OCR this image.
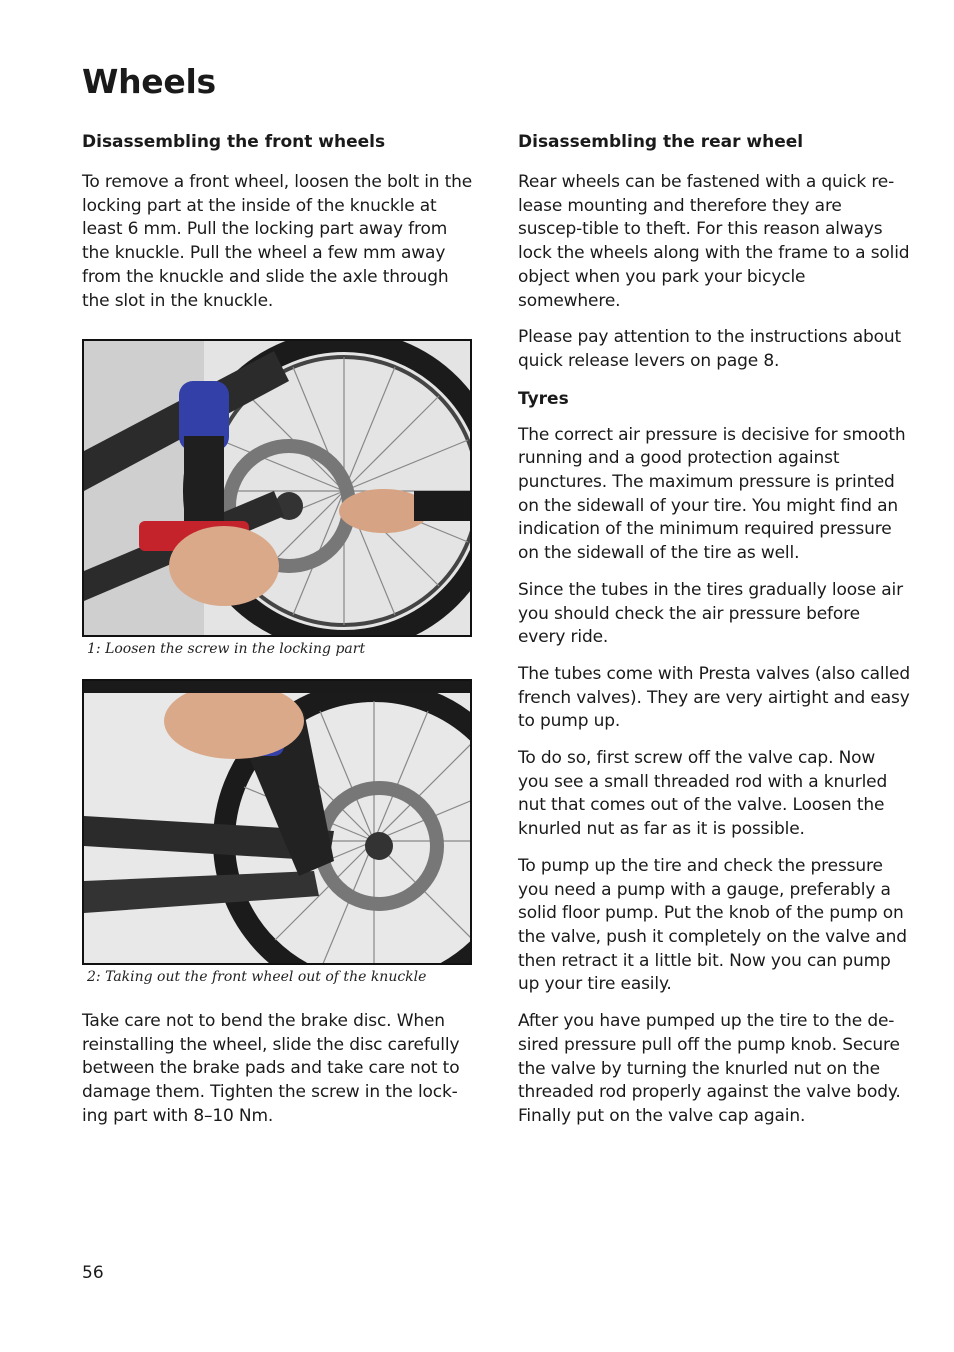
Wheels
Disassembling the front wheels

To remove a front wheel, loosen the bolt in the locking part at the inside of the knuckle at least 6 mm. Pull the locking part away from the knuckle. Pull the wheel a few mm away from the knuckle and slide the axle through the slot in the knuckle.

1: Loosen the screw in the locking part
2: Taking out the front wheel out of the knuckle

Take care not to bend the brake disc. When reinstalling the wheel, slide the disc carefully between the brake pads and take care not to damage them. Tighten the screw in the lock-ing part with 8–10 Nm.

Disassembling the rear wheel

Rear wheels can be fastened with a quick re-lease mounting and therefore they are suscep-tible to theft. For this reason always lock the wheels along with the frame to a solid object when you park your bicycle somewhere.

Please pay attention to the instructions about quick release levers on page 8.

Tyres

The correct air pressure is decisive for smooth running and a good protection against punctures. The maximum pressure is printed on the sidewall of your tire. You might find an indication of the minimum required pressure on the sidewall of the tire as well.

Since the tubes in the tires gradually loose air you should check the air pressure before every ride.

The tubes come with Presta valves (also called french valves). They are very airtight and easy to pump up.

To do so, first screw off the valve cap. Now you see a small threaded rod with a knurled nut that comes out of the valve. Loosen the knurled nut as far as it is possible.

To pump up the tire and check the pressure you need a pump with a gauge, preferably a solid floor pump. Put the knob of the pump on the valve, push it completely on the valve and then retract it a little bit. Now you can pump up your tire easily.

After you have pumped up the tire to the de-sired pressure pull off the pump knob. Secure the valve by turning the knurled nut on the threaded rod properly against the valve body. Finally put on the valve cap again.

56
